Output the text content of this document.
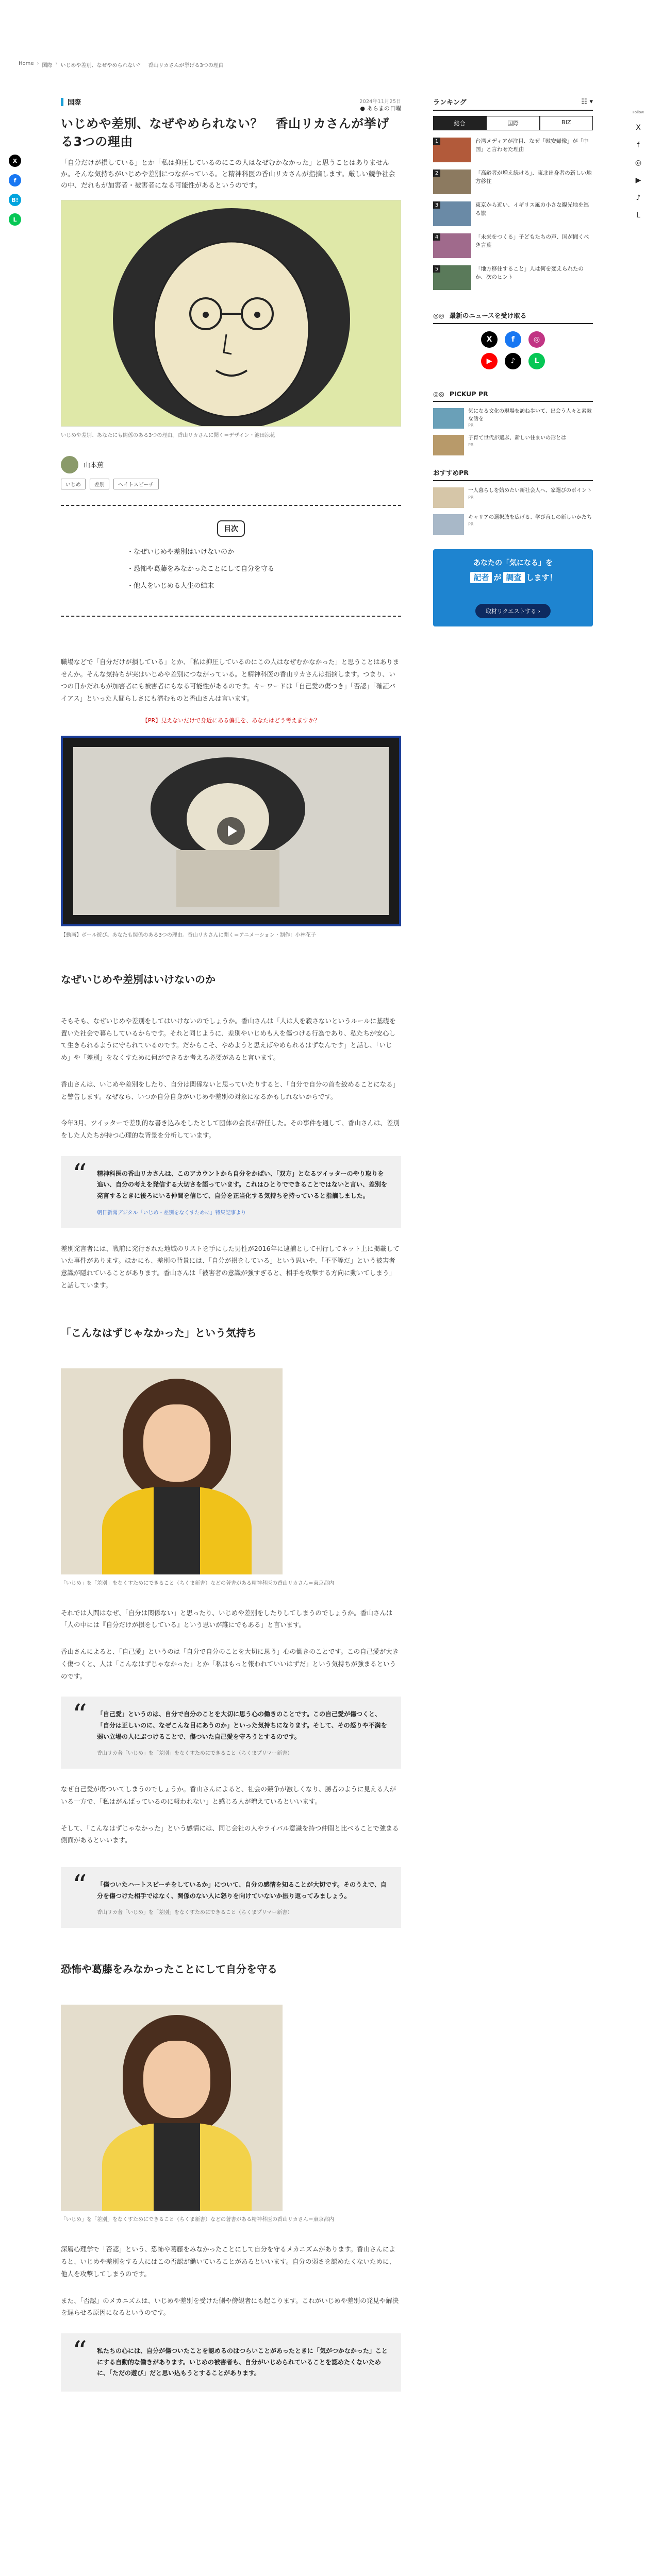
Home › 国際 › いじめや差別、なぜやめられない？　香山リカさんが挙げる3つの理由
X
f
B!
L
国際	2024年11月25日
● あらまの日曜
いじめや差別、なぜやめられない？　香山リカさんが挙げる3つの理由

「自分だけが損している」とか「私は抑圧しているのにこの人はなぜむかなかった」と思うことはありませんか。そんな気持ちがいじめや差別につながっている。と精神科医の香山リカさんが指摘します。厳しい競争社会の中、だれもが加害者・被害者になる可能性があるというのです。

いじめや差別、あなたにも関係のある3つの理由。香山リカさんに聞く＝デザイン・池田涼花
山本蕉
いじめ	差別	ヘイトスピーチ
目次
・ なぜいじめや差別はいけないのか
・ 恐怖や葛藤をみなかったことにして自分を守る
・ 他人をいじめる人生の結末

職場などで「自分だけが損している」とか、「私は抑圧しているのにこの人はなぜむかなかった」と思うことはありませんか。そんな気持ちが実はいじめや差別につながっている。と精神科医の香山リカさんは指摘します。つまり、いつの日かだれもが加害者にも被害者にもなる可能性があるのです。キーワードは「自己愛の傷つき」「否認」「確証バイアス」といった人間らしさにも潜むものと香山さんは言います。

【PR】見えないだけで身近にある偏見を、あなたはどう考えますか？
【動画】ボール遊び。あなたも関係のある3つの理由。香山リカさんに聞く＝アニメーション・制作：小林花子
なぜいじめや差別はいけないのか

そもそも、なぜいじめや差別をしてはいけないのでしょうか。香山さんは「人は人を殺さないというルールに基礎を置いた社会で暮らしているからです。それと同じように、差別やいじめも人を傷つける行為であり、私たちが安心して生きられるように守られているのです。だからこそ、やめようと思えばやめられるはずなんです」と話し、「いじめ」や「差別」をなくすために何ができるか考える必要があると言います。

香山さんは、いじめや差別をしたり、自分は関係ないと思っていたりすると、「自分で自分の首を絞めることになる」と警告します。なぜなら、いつか自分自身がいじめや差別の対象になるかもしれないからです。

今年3月、ツイッターで差別的な書き込みをしたとして団体の会長が辞任した。その事件を通して、香山さんは、差別をした人たちが持つ心理的な背景を分析しています。

“ 精神科医の香山リカさんは、このアカウントから自分をかばい、「双方」となるツイッターのやり取りを追い、自分の考えを発信する大切さを語っています。これはひとりでできることではないと言い、差別を発言するときに後ろにいる仲間を信じて、自分を正当化する気持ちを持っていると指摘しました。
朝日新聞デジタル「いじめ・差別をなくすために」特集記事より

差別発言者には、戦前に発行された地域のリストを手にした男性が2016年に逮捕として刊行してネット上に掲載していた事件があります。ほかにも、差別の背景には、「自分が損をしている」という思いや、「不平等だ」という被害者意識が隠れていることがあります。香山さんは「被害者の意識が強すぎると、相手を攻撃する方向に動いてしまう」と話しています。

「こんなはずじゃなかった」という気持ち
「いじめ」を「差別」をなくすためにできること（ちくま新書）などの著書がある精神科医の香山リカさん＝東京都内

それでは人間はなぜ、「自分は関係ない」と思ったり、いじめや差別をしたりしてしまうのでしょうか。香山さんは「人の中には『自分だけが損をしている』という思いが誰にでもある」と言います。

香山さんによると、「自己愛」というのは「自分で自分のことを大切に思う」心の働きのことです。この自己愛が大きく傷つくと、人は「こんなはずじゃなかった」とか「私はもっと報われていいはずだ」という気持ちが強まるというのです。

“ 「自己愛」というのは、自分で自分のことを大切に思う心の働きのことです。この自己愛が傷つくと、「自分は正しいのに、なぜこんな目にあうのか」といった気持ちになります。そして、その怒りや不満を弱い立場の人にぶつけることで、傷ついた自己愛を守ろうとするのです。
香山リカ著「いじめ」を「差別」をなくすためにできること（ちくまプリマー新書）

なぜ自己愛が傷ついてしまうのでしょうか。香山さんによると、社会の競争が激しくなり、勝者のように見える人がいる一方で、「私はがんばっているのに報われない」と感じる人が増えているといいます。

そして、「こんなはずじゃなかった」という感情には、同じ会社の人やライバル意識を持つ仲間と比べることで強まる側面があるといいます。

“ 「傷ついたハートスピーチをしているか」について、自分の感情を知ることが大切です。そのうえで、自分を傷つけた相手ではなく、関係のない人に怒りを向けていないか振り返ってみましょう。
香山リカ著「いじめ」を「差別」をなくすためにできること（ちくまプリマー新書）
恐怖や葛藤をみなかったことにして自分を守る
「いじめ」を「差別」をなくすためにできること（ちくま新書）などの著書がある精神科医の香山リカさん＝東京都内

深層心理学で「否認」という、恐怖や葛藤をみなかったことにして自分を守るメカニズムがあります。香山さんによると、いじめや差別をする人にはこの否認が働いていることがあるといいます。自分の弱さを認めたくないために、他人を攻撃してしまうのです。

また、「否認」のメカニズムは、いじめや差別を受けた側や傍観者にも起こります。これがいじめや差別の発見や解決を遅らせる原因になるというのです。

“ 私たちの心には、自分が傷ついたことを認めるのはつらいことがあったときに「気がつかなかった」ことにする自動的な働きがあります。いじめの被害者も、自分がいじめられていることを認めたくないために、「ただの遊び」だと思い込もうとすることがあります。
ランキング	☷ ▾
総合	国際	BIZ
1	台湾メディアが注目、なぜ「慰安婦像」が「中国」と言わせた理由
2	「高齢者が増え続ける」、東北出身者の新しい地方移住
3	東京から近い、イギリス風の小さな観光地を巡る旅
4	「未来をつくる」子どもたちの声、国が聞くべき言葉
5	「地方移住すること」人は何を変えられたのか、次のヒント
◎◎ 最新のニュースを受け取る
X	f	◎
▶	♪	L
◎◎ PICKUP PR
気になる文化の現場を訪ね歩いて、出会う人々と素敵な話を
PR
子育て世代が選ぶ、新しい住まいの形とは
PR
おすすめPR
一人暮らしを始めたい新社会人へ、家選びのポイント
PR
キャリアの選択肢を広げる、学び直しの新しいかたち
PR
あなたの「気になる」を
記者 が 調査 します！
取材リクエストする ›
Follow
X
f
◎
▶
♪
L
